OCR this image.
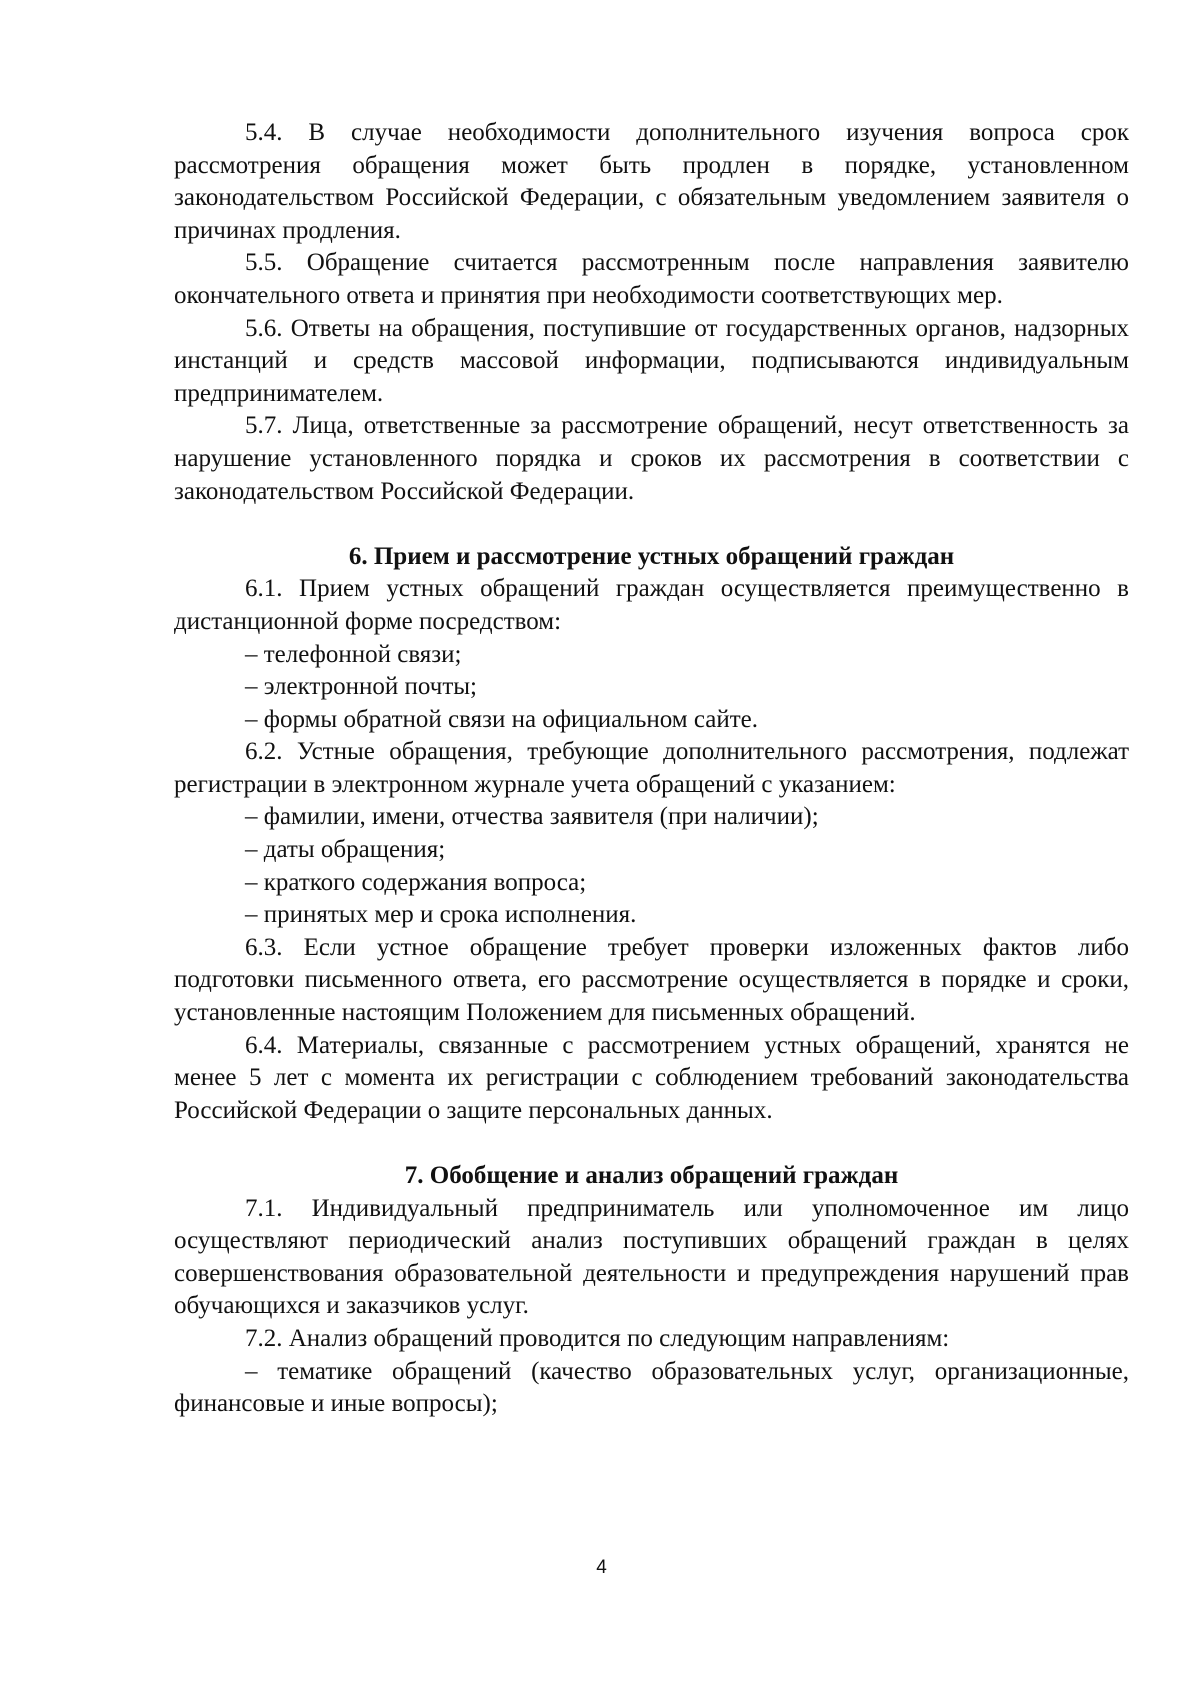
5.4. В случае необходимости дополнительного изучения вопроса срок рассмотрения обращения может быть продлен в порядке, установленном законодательством Российской Федерации, с обязательным уведомлением заявителя о причинах продления.

5.5. Обращение считается рассмотренным после направления заявителю окончательного ответа и принятия при необходимости соответствующих мер.

5.6. Ответы на обращения, поступившие от государственных органов, надзорных инстанций и средств массовой информации, подписываются индивидуальным предпринимателем.

5.7. Лица, ответственные за рассмотрение обращений, несут ответственность за нарушение установленного порядка и сроков их рассмотрения в соответствии с законодательством Российской Федерации.

6. Прием и рассмотрение устных обращений граждан

6.1. Прием устных обращений граждан осуществляется преимущественно в дистанционной форме посредством:

– телефонной связи;

– электронной почты;

– формы обратной связи на официальном сайте.

6.2. Устные обращения, требующие дополнительного рассмотрения, подлежат регистрации в электронном журнале учета обращений с указанием:

– фамилии, имени, отчества заявителя (при наличии);

– даты обращения;

– краткого содержания вопроса;

– принятых мер и срока исполнения.

6.3. Если устное обращение требует проверки изложенных фактов либо подготовки письменного ответа, его рассмотрение осуществляется в порядке и сроки, установленные настоящим Положением для письменных обращений.

6.4. Материалы, связанные с рассмотрением устных обращений, хранятся не менее 5 лет с момента их регистрации с соблюдением требований законодательства Российской Федерации о защите персональных данных.

7. Обобщение и анализ обращений граждан

7.1. Индивидуальный предприниматель или уполномоченное им лицо осуществляют периодический анализ поступивших обращений граждан в целях совершенствования образовательной деятельности и предупреждения нарушений прав обучающихся и заказчиков услуг.

7.2. Анализ обращений проводится по следующим направлениям:

– тематике обращений (качество образовательных услуг, организационные, финансовые и иные вопросы);

4
